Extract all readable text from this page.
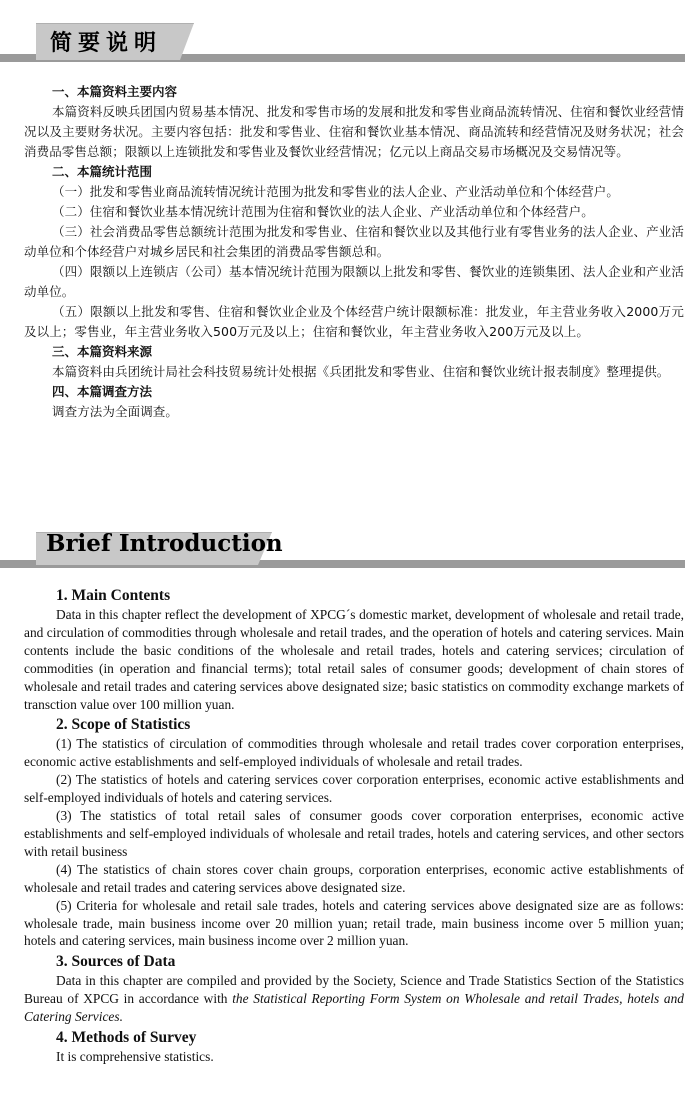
简要说明
一、本篇资料主要内容

本篇资料反映兵团国内贸易基本情况、批发和零售市场的发展和批发和零售业商品流转情况、住宿和餐饮业经营情况以及主要财务状况。主要内容包括：批发和零售业、住宿和餐饮业基本情况、商品流转和经营情况及财务状况；社会消费品零售总额；限额以上连锁批发和零售业及餐饮业经营情况；亿元以上商品交易市场概况及交易情况等。

二、本篇统计范围

（一）批发和零售业商品流转情况统计范围为批发和零售业的法人企业、产业活动单位和个体经营户。

（二）住宿和餐饮业基本情况统计范围为住宿和餐饮业的法人企业、产业活动单位和个体经营户。

（三）社会消费品零售总额统计范围为批发和零售业、住宿和餐饮业以及其他行业有零售业务的法人企业、产业活动单位和个体经营户对城乡居民和社会集团的消费品零售额总和。

（四）限额以上连锁店（公司）基本情况统计范围为限额以上批发和零售、餐饮业的连锁集团、法人企业和产业活动单位。

（五）限额以上批发和零售、住宿和餐饮业企业及个体经营户统计限额标准：批发业，年主营业务收入2000万元及以上；零售业，年主营业务收入500万元及以上；住宿和餐饮业，年主营业务收入200万元及以上。

三、本篇资料来源

本篇资料由兵团统计局社会科技贸易统计处根据《兵团批发和零售业、住宿和餐饮业统计报表制度》整理提供。

四、本篇调查方法

调查方法为全面调查。

Brief Introduction
1. Main Contents

Data in this chapter reflect the development of XPCG´s domestic market, development of wholesale and retail trade, and circulation of commodities through wholesale and retail trades, and the operation of hotels and catering services. Main contents include the basic conditions of the wholesale and retail trades, hotels and catering services; circulation of commodities (in operation and financial terms); total retail sales of consumer goods; development of chain stores of wholesale and retail trades and catering services above designated size; basic statistics on commodity exchange markets of transction value over 100 million yuan.

2. Scope of Statistics

(1) The statistics of circulation of commodities through wholesale and retail trades cover corporation enterprises, economic active establishments and self-employed individuals of wholesale and retail trades.

(2) The statistics of hotels and catering services cover corporation enterprises, economic active establishments and self-employed individuals of hotels and catering services.

(3) The statistics of total retail sales of consumer goods cover corporation enterprises, economic active establishments and self-employed individuals of wholesale and retail trades, hotels and catering services, and other sectors with retail business

(4) The statistics of chain stores cover chain groups, corporation enterprises, economic active establishments of wholesale and retail trades and catering services above designated size.

(5) Criteria for wholesale and retail sale trades, hotels and catering services above designated size are as follows: wholesale trade, main business income over 20 million yuan; retail trade, main business income over 5 million yuan; hotels and catering services, main business income over 2 million yuan.

3. Sources of Data

Data in this chapter are compiled and provided by the Society, Science and Trade Statistics Section of the Statistics Bureau of XPCG in accordance with the Statistical Reporting Form System on Wholesale and retail Trades, hotels and Catering Services.

4. Methods of Survey

It is comprehensive statistics.
